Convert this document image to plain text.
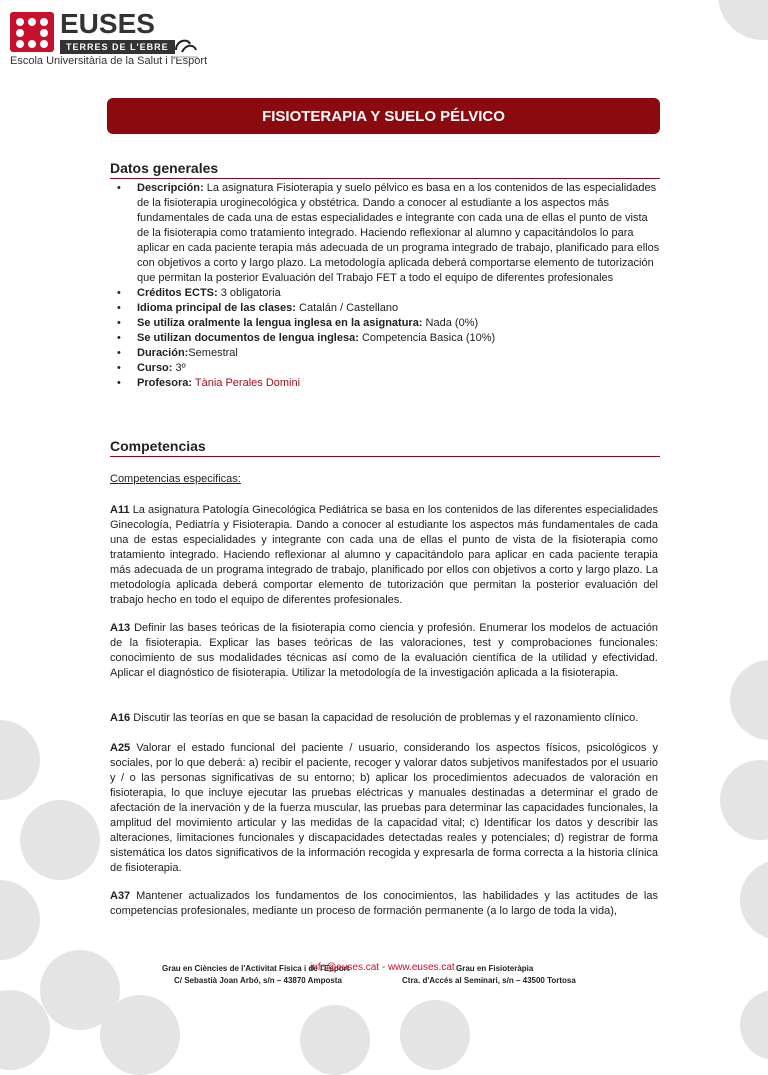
EUSES
TERRES DE L'EBRE
Escola Universitària de la Salut i l'Esport
FISIOTERAPIA Y SUELO PÉLVICO
Datos generales
• Descripción: La asignatura Fisioterapia y suelo pélvico es basa en a los contenidos de las especialidades de la fisioterapia uroginecológica y obstétrica. Dando a conocer al estudiante a los aspectos más fundamentales de cada una de estas especialidades e integrante con cada una de ellas el punto de vista de la fisioterapia como tratamiento integrado. Haciendo reflexionar al alumno y capacitándolos lo para aplicar en cada paciente terapia más adecuada de un programa integrado de trabajo, planificado para ellos con objetivos a corto y largo plazo. La metodología aplicada deberá comportarse elemento de tutorización que permitan la posterior Evaluación del Trabajo FET a todo el equipo de diferentes profesionales
• Créditos ECTS: 3 obligatoria
• Idioma principal de las clases: Catalán / Castellano
• Se utiliza oralmente la lengua inglesa en la asignatura: Nada (0%)
• Se utilizan documentos de lengua inglesa: Competencia Basica (10%)
• Duración:Semestral
• Curso: 3º
• Profesora: Tània Perales Domini
Competencias
Competencias especificas:

A11 La asignatura Patología Ginecológica Pediátrica se basa en los contenidos de las diferentes especialidades Ginecología, Pediatría y Fisioterapia. Dando a conocer al estudiante los aspectos más fundamentales de cada una de estas especialidades y integrante con cada una de ellas el punto de vista de la fisioterapia como tratamiento integrado. Haciendo reflexionar al alumno y capacitándolo para aplicar en cada paciente terapia más adecuada de un programa integrado de trabajo, planificado por ellos con objetivos a corto y largo plazo. La metodología aplicada deberá comportar elemento de tutorización que permitan la posterior evaluación del trabajo hecho en todo el equipo de diferentes profesionales.

A13 Definir las bases teóricas de la fisioterapia como ciencia y profesión. Enumerar los modelos de actuación de la fisioterapia. Explicar las bases teóricas de las valoraciones, test y comprobaciones funcionales: conocimiento de sus modalidades técnicas así como de la evaluación científica de la utilidad y efectividad. Aplicar el diagnóstico de fisioterapia. Utilizar la metodología de la investigación aplicada a la fisioterapia.

A16 Discutir las teorías en que se basan la capacidad de resolución de problemas y el razonamiento clínico.

A25 Valorar el estado funcional del paciente / usuario, considerando los aspectos físicos, psicológicos y sociales, por lo que deberá: a) recibir el paciente, recoger y valorar datos subjetivos manifestados por el usuario y / o las personas significativas de su entorno; b) aplicar los procedimientos adecuados de valoración en fisioterapia, lo que incluye ejecutar las pruebas eléctricas y manuales destinadas a determinar el grado de afectación de la inervación y de la fuerza muscular, las pruebas para determinar las capacidades funcionales, la amplitud del movimiento articular y las medidas de la capacidad vital; c) Identificar los datos y describir las alteraciones, limitaciones funcionales y discapacidades detectadas reales y potenciales; d) registrar de forma sistemática los datos significativos de la información recogida y expresarla de forma correcta a la historia clínica de fisioterapia.

A37 Mantener actualizados los fundamentos de los conocimientos, las habilidades y las actitudes de las competencias profesionales, mediante un proceso de formación permanente (a lo largo de toda la vida),

Grau en Ciències de l'Activitat Física i de l'Esport
C/ Sebastià Joan Arbó, s/n – 43870 Amposta
info@euses.cat - www.euses.cat Grau en Fisioteràpia
Ctra. d'Accés al Seminari, s/n – 43500 Tortosa
